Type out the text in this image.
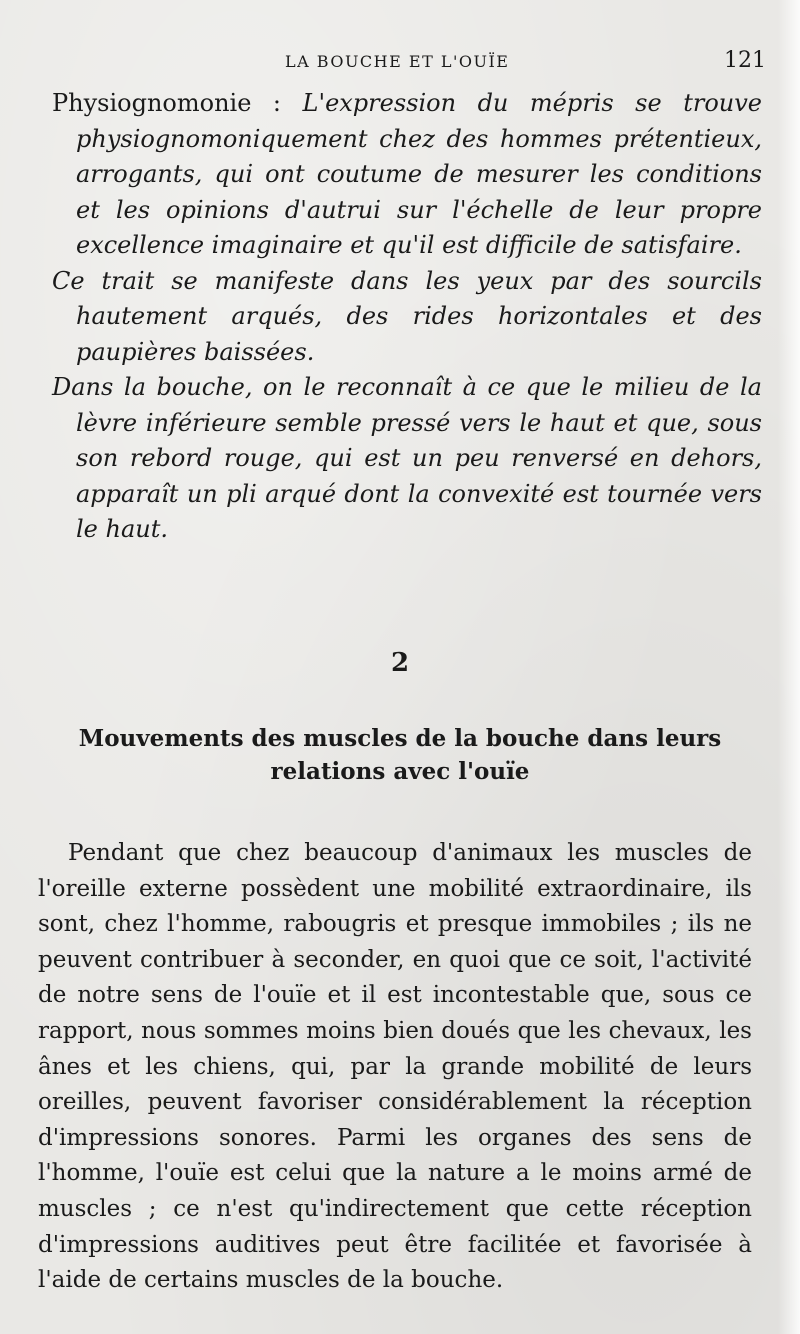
LA BOUCHE ET L'OUÏE	121

Physiognomonie : L'expression du mépris se trouve physiognomoniquement chez des hommes prétentieux, arrogants, qui ont coutume de mesurer les conditions et les opinions d'autrui sur l'échelle de leur propre excellence imaginaire et qu'il est difficile de satisfaire.

Ce trait se manifeste dans les yeux par des sourcils hautement arqués, des rides horizontales et des paupières baissées.

Dans la bouche, on le reconnaît à ce que le milieu de la lèvre inférieure semble pressé vers le haut et que, sous son rebord rouge, qui est un peu renversé en dehors, apparaît un pli arqué dont la convexité est tournée vers le haut.

2
Mouvements des muscles de la bouche dans leurs
relations avec l'ouïe

Pendant que chez beaucoup d'animaux les muscles de l'oreille externe possèdent une mobilité extraordinaire, ils sont, chez l'homme, rabougris et presque immobiles ; ils ne peuvent contribuer à seconder, en quoi que ce soit, l'activité de notre sens de l'ouïe et il est incontestable que, sous ce rapport, nous sommes moins bien doués que les chevaux, les ânes et les chiens, qui, par la grande mobilité de leurs oreilles, peuvent favoriser considérablement la réception d'impressions sonores. Parmi les organes des sens de l'homme, l'ouïe est celui que la nature a le moins armé de muscles ; ce n'est qu'indirectement que cette réception d'impressions auditives peut être facilitée et favorisée à l'aide de certains muscles de la bouche.
